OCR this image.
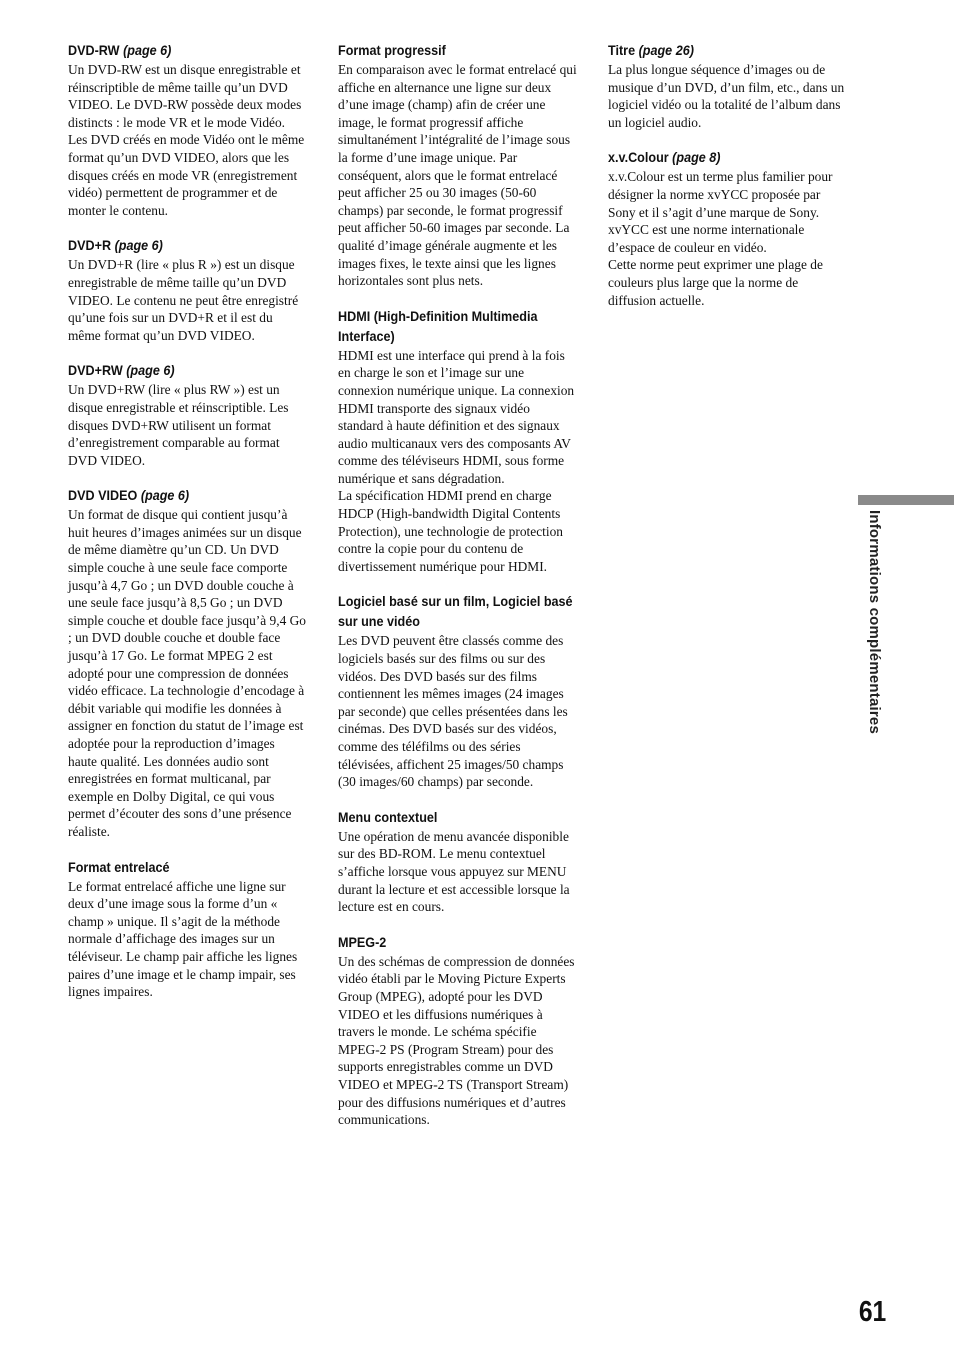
DVD-RW (page 6)

Un DVD-RW est un disque enregistrable et réinscriptible de même taille qu’un DVD VIDEO. Le DVD-RW possède deux modes distincts : le mode VR et le mode Vidéo. Les DVD créés en mode Vidéo ont le même format qu’un DVD VIDEO, alors que les disques créés en mode VR (enregistrement vidéo) permettent de programmer et de monter le contenu.

DVD+R (page 6)

Un DVD+R (lire « plus R ») est un disque enregistrable de même taille qu’un DVD VIDEO. Le contenu ne peut être enregistré qu’une fois sur un DVD+R et il est du même format qu’un DVD VIDEO.

DVD+RW (page 6)

Un DVD+RW (lire « plus RW ») est un disque enregistrable et réinscriptible. Les disques DVD+RW utilisent un format d’enregistrement comparable au format DVD VIDEO.

DVD VIDEO (page 6)

Un format de disque qui contient jusqu’à huit heures d’images animées sur un disque de même diamètre qu’un CD. Un DVD simple couche à une seule face comporte jusqu’à 4,7 Go ; un DVD double couche à une seule face jusqu’à 8,5 Go ; un DVD simple couche et double face jusqu’à 9,4 Go ; un DVD double couche et double face jusqu’à 17 Go. Le format MPEG 2 est adopté pour une compression de données vidéo efficace. La technologie d’encodage à débit variable qui modifie les données à assigner en fonction du statut de l’image est adoptée pour la reproduction d’images haute qualité. Les données audio sont enregistrées en format multicanal, par exemple en Dolby Digital, ce qui vous permet d’écouter des sons d’une présence réaliste.

Format entrelacé

Le format entrelacé affiche une ligne sur deux d’une image sous la forme d’un « champ » unique. Il s’agit de la méthode normale d’affichage des images sur un téléviseur. Le champ pair affiche les lignes paires d’une image et le champ impair, ses lignes impaires.

Format progressif

En comparaison avec le format entrelacé qui affiche en alternance une ligne sur deux d’une image (champ) afin de créer une image, le format progressif affiche simultanément l’intégralité de l’image sous la forme d’une image unique. Par conséquent, alors que le format entrelacé peut afficher 25 ou 30 images (50-60 champs) par seconde, le format progressif peut afficher 50-60 images par seconde. La qualité d’image générale augmente et les images fixes, le texte ainsi que les lignes horizontales sont plus nets.

HDMI (High-Definition Multimedia Interface)

HDMI est une interface qui prend à la fois en charge le son et l’image sur une connexion numérique unique. La connexion HDMI transporte des signaux vidéo standard à haute définition et des signaux audio multicanaux vers des composants AV comme des téléviseurs HDMI, sous forme numérique et sans dégradation.

La spécification HDMI prend en charge HDCP (High-bandwidth Digital Contents Protection), une technologie de protection contre la copie pour du contenu de divertissement numérique pour HDMI.

Logiciel basé sur un film, Logiciel basé sur une vidéo

Les DVD peuvent être classés comme des logiciels basés sur des films ou sur des vidéos. Des DVD basés sur des films contiennent les mêmes images (24 images par seconde) que celles présentées dans les cinémas. Des DVD basés sur des vidéos, comme des téléfilms ou des séries télévisées, affichent 25 images/50 champs (30 images/60 champs) par seconde.

Menu contextuel

Une opération de menu avancée disponible sur des BD-ROM. Le menu contextuel s’affiche lorsque vous appuyez sur MENU durant la lecture et est accessible lorsque la lecture est en cours.

MPEG-2

Un des schémas de compression de données vidéo établi par le Moving Picture Experts Group (MPEG), adopté pour les DVD VIDEO et les diffusions numériques à travers le monde. Le schéma spécifie MPEG-2 PS (Program Stream) pour des supports enregistrables comme un DVD VIDEO et MPEG-2 TS (Transport Stream) pour des diffusions numériques et d’autres communications.

Titre (page 26)

La plus longue séquence d’images ou de musique d’un DVD, d’un film, etc., dans un logiciel vidéo ou la totalité de l’album dans un logiciel audio.

x.v.Colour (page 8)

x.v.Colour est un terme plus familier pour désigner la norme xvYCC proposée par Sony et il s’agit d’une marque de Sony.

xvYCC est une norme internationale d’espace de couleur en vidéo.

Cette norme peut exprimer une plage de couleurs plus large que la norme de diffusion actuelle.

Informations complémentaires
61
